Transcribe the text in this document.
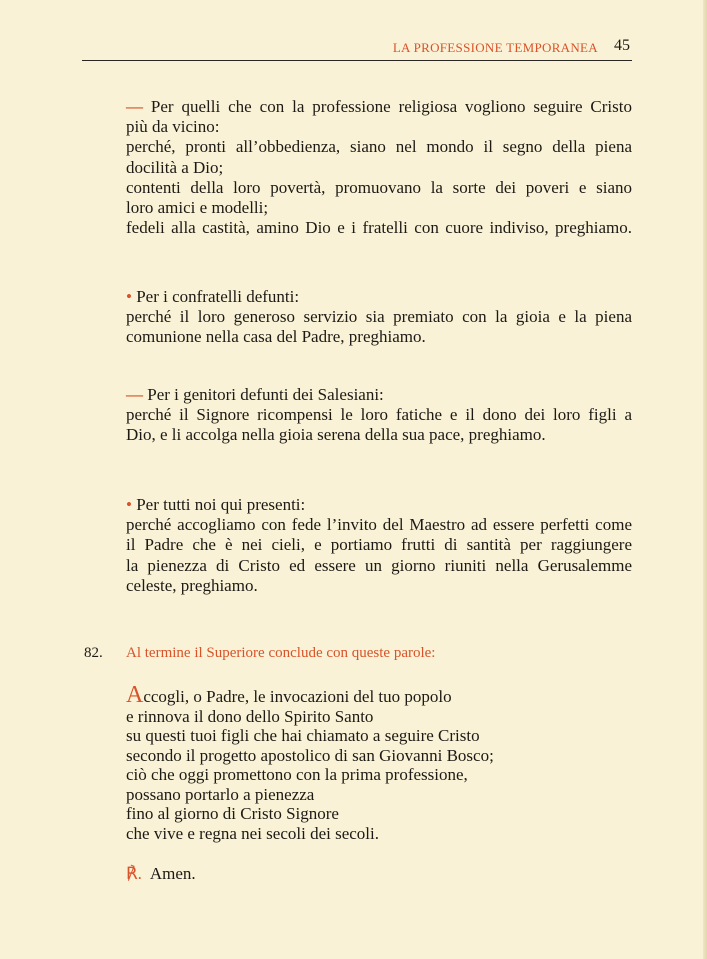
LA PROFESSIONE TEMPORANEA 45
— Per quelli che con la professione religiosa vogliono seguire Cristo
più da vicino:
perché, pronti all’obbedienza, siano nel mondo il segno della piena
docilità a Dio;
contenti della loro povertà, promuovano la sorte dei poveri e siano
loro amici e modelli;
fedeli alla castità, amino Dio e i fratelli con cuore indiviso, preghiamo.
• Per i confratelli defunti:
perché il loro generoso servizio sia premiato con la gioia e la piena
comunione nella casa del Padre, preghiamo.
— Per i genitori defunti dei Salesiani:
perché il Signore ricompensi le loro fatiche e il dono dei loro figli a
Dio, e li accolga nella gioia serena della sua pace, preghiamo.
• Per tutti noi qui presenti:
perché accogliamo con fede l’invito del Maestro ad essere perfetti come
il Padre che è nei cieli, e portiamo frutti di santità per raggiungere
la pienezza di Cristo ed essere un giorno riuniti nella Gerusalemme
celeste, preghiamo.
82. Al termine il Superiore conclude con queste parole:
Accogli, o Padre, le invocazioni del tuo popolo
e rinnova il dono dello Spirito Santo
su questi tuoi figli che hai chiamato a seguire Cristo
secondo il progetto apostolico di san Giovanni Bosco;
ciò che oggi promettono con la prima professione,
possano portarlo a pienezza
fino al giorno di Cristo Signore
che vive e regna nei secoli dei secoli.
℟. Amen.
